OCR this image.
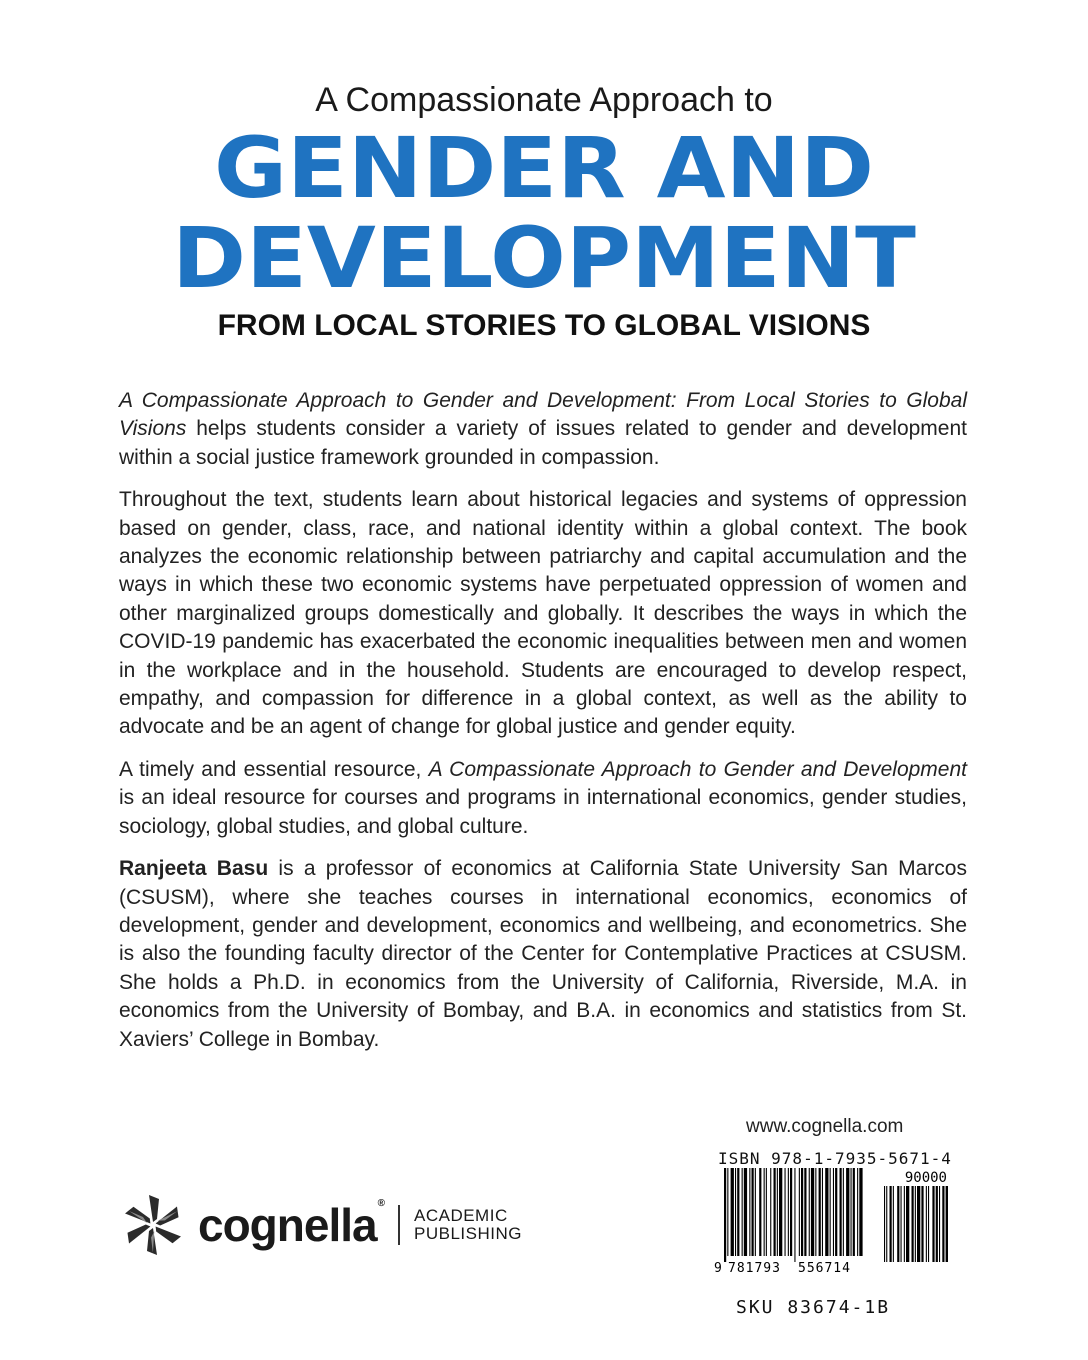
A Compassionate Approach to
GENDER AND
DEVELOPMENT
FROM LOCAL STORIES TO GLOBAL VISIONS

A Compassionate Approach to Gender and Development: From Local Stories to Global Visions helps students consider a variety of issues related to gender and development within a social justice framework grounded in compassion.

Throughout the text, students learn about historical legacies and systems of oppression based on gender, class, race, and national identity within a global context. The book analyzes the economic relationship between patriarchy and capital accumulation and the ways in which these two economic systems have perpetuated oppression of women and other marginalized groups domestically and globally. It describes the ways in which the COVID-19 pandemic has exacerbated the economic inequalities between men and women in the workplace and in the household. Students are encouraged to develop respect, empathy, and compassion for difference in a global context, as well as the ability to advocate and be an agent of change for global justice and gender equity.

A timely and essential resource, A Compassionate Approach to Gender and Development is an ideal resource for courses and programs in international economics, gender studies, sociology, global studies, and global culture.

Ranjeeta Basu is a professor of economics at California State University San Marcos (CSUSM), where she teaches courses in international economics, economics of development, gender and development, economics and wellbeing, and econometrics. She is also the founding faculty director of the Center for Contemplative Practices at CSUSM. She holds a Ph.D. in economics from the University of California, Riverside, M.A. in economics from the University of Bombay, and B.A. in economics and statistics from St. Xaviers’ College in Bombay.

cognella®
ACADEMIC
PUBLISHING
www.cognella.com
ISBN 978-1-7935-5671-4
90000
9 781793 556714
SKU 83674-1B
